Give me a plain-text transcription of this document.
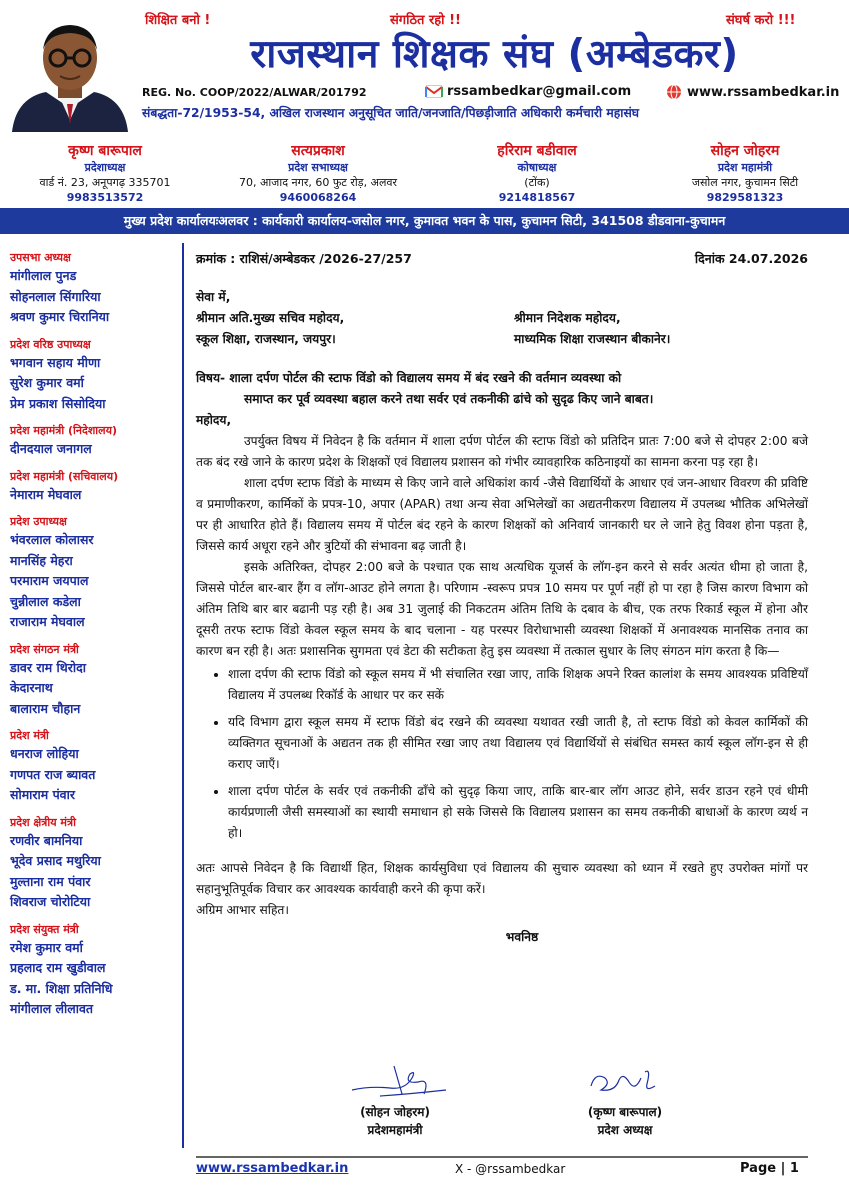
शिक्षित बनो !	संगठित रहो !!	संघर्ष करो !!!
राजस्थान शिक्षक संघ (अम्बेडकर)
REG. No. COOP/2022/ALWAR/201792	rssambedkar@gmail.com	www.rssambedkar.in
संबद्धता-72/1953-54, अखिल राजस्थान अनुसूचित जाति/जनजाति/पिछड़ीजाति अधिकारी कर्मचारी महासंघ
कृष्ण बारूपाल
प्रदेशाध्यक्ष
वार्ड नं. 23, अनूपगढ़ 335701
9983513572
सत्यप्रकाश
प्रदेश सभाध्यक्ष
70, आजाद नगर, 60 फुट रोड़, अलवर
9460068264
हरिराम बडीवाल
कोषाध्यक्ष
(टोंक)
9214818567
सोहन जोहरम
प्रदेश महामंत्री
जसोल नगर, कुचामन सिटी
9829581323
मुख्य प्रदेश कार्यालयःअलवर : कार्यकारी कार्यालय-जसोल नगर, कुमावत भवन के पास, कुचामन सिटी, 341508 डीडवाना-कुचामन
उपसभा अध्यक्ष
मांगीलाल पुनड
सोहनलाल सिंगारिया
श्रवण कुमार चिरानिया
प्रदेश वरिष्ठ उपाध्यक्ष
भगवान सहाय मीणा
सुरेश कुमार वर्मा
प्रेम प्रकाश सिसोदिया
प्रदेश महामंत्री (निदेशालय)
दीनदयाल जनागल
प्रदेश महामंत्री (सचिवालय)
नेमाराम मेघवाल
प्रदेश उपाध्यक्ष
भंवरलाल कोलासर
मानसिंह मेहरा
परमाराम जयपाल
चुन्नीलाल कडेला
राजाराम मेघवाल
प्रदेश संगठन मंत्री
डावर राम थिरोदा
केदारनाथ
बालाराम चौहान
प्रदेश मंत्री
धनराज लोहिया
गणपत राज ब्यावत
सोमाराम पंवार
प्रदेश क्षेत्रीय मंत्री
रणवीर बामनिया
भूदेव प्रसाद मथुरिया
मुल्ताना राम पंवार
शिवराज चोरोटिया
प्रदेश संयुक्त मंत्री
रमेश कुमार वर्मा
प्रहलाद राम खुडीवाल
ड. मा. शिक्षा प्रतिनिधि
मांगीलाल लीलावत
क्रमांक : राशिसं/अम्बेडकर /2026-27/257	दिनांक 24.07.2026
सेवा में,
श्रीमान अति.मुख्य सचिव महोदय,
स्कूल शिक्षा, राजस्थान, जयपुर।
श्रीमान निदेशक महोदय,
माध्यमिक शिक्षा राजस्थान बीकानेर।
विषय- शाला दर्पण पोर्टल की स्टाफ विंडो को विद्यालय समय में बंद रखने की वर्तमान व्यवस्था को
समाप्त कर पूर्व व्यवस्था बहाल करने तथा सर्वर एवं तकनीकी ढांचे को सुदृढ किए जाने बाबत।
महोदय,
उपर्युक्त विषय में निवेदन है कि वर्तमान में शाला दर्पण पोर्टल की स्टाफ विंडो को प्रतिदिन प्रातः 7:00 बजे से दोपहर 2:00 बजे तक बंद रखे जाने के कारण प्रदेश के शिक्षकों एवं विद्यालय प्रशासन को गंभीर व्यावहारिक कठिनाइयों का सामना करना पड़ रहा है।
शाला दर्पण स्टाफ विंडो के माध्यम से किए जाने वाले अधिकांश कार्य -जैसे विद्यार्थियों के आधार एवं जन-आधार विवरण की प्रविष्टि व प्रमाणीकरण, कार्मिकों के प्रपत्र-10, अपार (APAR) तथा अन्य सेवा अभिलेखों का अद्यतनीकरण विद्यालय में उपलब्ध भौतिक अभिलेखों पर ही आधारित होते हैं। विद्यालय समय में पोर्टल बंद रहने के कारण शिक्षकों को अनिवार्य जानकारी घर ले जाने हेतु विवश होना पड़ता है, जिससे कार्य अधूरा रहने और त्रुटियों की संभावना बढ़ जाती है।
इसके अतिरिक्त, दोपहर 2:00 बजे के पश्चात एक साथ अत्यधिक यूजर्स के लॉग-इन करने से सर्वर अत्यंत धीमा हो जाता है, जिससे पोर्टल बार-बार हैंग व लॉग-आउट होने लगता है। परिणाम -स्वरूप प्रपत्र 10 समय पर पूर्ण नहीं हो पा रहा है जिस कारण विभाग को अंतिम तिथि बार बार बढानी पड़ रही है। अब 31 जुलाई की निकटतम अंतिम तिथि के दबाव के बीच, एक तरफ रिकार्ड स्कूल में होना और दूसरी तरफ स्टाफ विंडो केवल स्कूल समय के बाद चलाना - यह परस्पर विरोधाभासी व्यवस्था शिक्षकों में अनावश्यक मानसिक तनाव का कारण बन रही है। अतः प्रशासनिक सुगमता एवं डेटा की सटीकता हेतु इस व्यवस्था में तत्काल सुधार के लिए संगठन मांग करता है कि—
• शाला दर्पण की स्टाफ विंडो को स्कूल समय में भी संचालित रखा जाए, ताकि शिक्षक अपने रिक्त कालांश के समय आवश्यक प्रविष्टियाँ विद्यालय में उपलब्ध रिकॉर्ड के आधार पर कर सकें
• यदि विभाग द्वारा स्कूल समय में स्टाफ विंडो बंद रखने की व्यवस्था यथावत रखी जाती है, तो स्टाफ विंडो को केवल कार्मिकों की व्यक्तिगत सूचनाओं के अद्यतन तक ही सीमित रखा जाए तथा विद्यालय एवं विद्यार्थियों से संबंधित समस्त कार्य स्कूल लॉग-इन से ही कराए जाएँ।
• शाला दर्पण पोर्टल के सर्वर एवं तकनीकी ढाँचे को सुदृढ़ किया जाए, ताकि बार-बार लॉग आउट होने, सर्वर डाउन रहने एवं धीमी कार्यप्रणाली जैसी समस्याओं का स्थायी समाधान हो सके जिससे कि विद्यालय प्रशासन का समय तकनीकी बाधाओं के कारण व्यर्थ न हो।
अतः आपसे निवेदन है कि विद्यार्थी हित, शिक्षक कार्यसुविधा एवं विद्यालय की सुचारु व्यवस्था को ध्यान में रखते हुए उपरोक्त मांगों पर सहानुभूतिपूर्वक विचार कर आवश्यक कार्यवाही करने की कृपा करें।
अग्रिम आभार सहित।
भवनिष्ठ
(सोहन जोहरम)
प्रदेशमहामंत्री
(कृष्ण बारूपाल)
प्रदेश अध्यक्ष
www.rssambedkar.in	X - @rssambedkar	Page | 1
